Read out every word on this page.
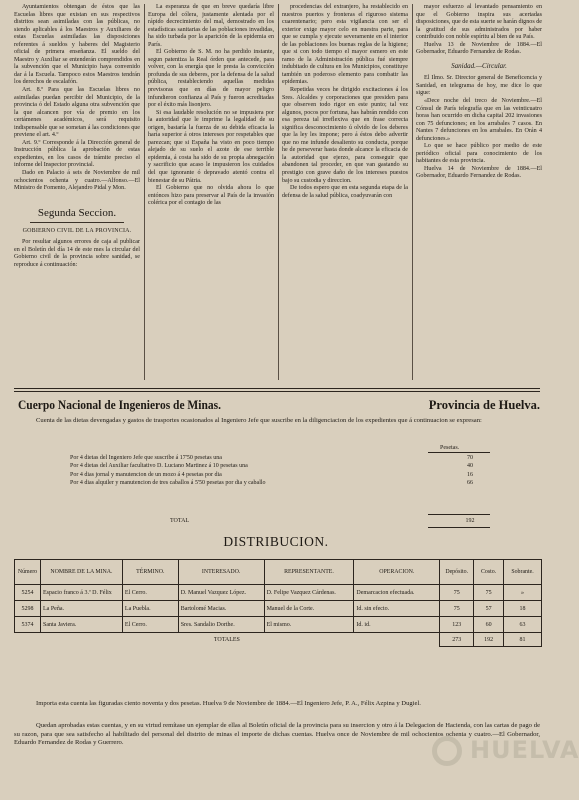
Ayuntamientos obtengan de éstos que las Escuelas libres que existan en sus respectivos distritos sean asimiladas con las públicas, no siendo aplicables á los Maestros y Auxiliares de estas Escuelas asimiladas las disposiciones referentes á sueldos y haberes del Magisterio oficial de primera enseñanza. El sueldo del Maestro y Auxiliar se entenderán comprendidos en la subvención que el Municipio haya convenido dar á la Escuela. Tampoco estos Maestros tendrán los derechos de escalafón.

Art. 8.º Para que las Escuelas libres no asimiladas puedan percibir del Municipio, de la provincia ó del Estado alguna otra subvención que la que alcancen por vía de premio en los certámenes académicos, será requisito indispensable que se sometan á las condiciones que previene el art. 4.º

Art. 9.º Corresponde á la Dirección general de Instrucción pública la aprobación de estas expedientes, en los casos de trámite preciso el informe del Inspector provincial.

Dado en Palacio á seis de Noviembre de mil ochocientos ochenta y cuatro.—Alfonso.—El Ministro de Fomento, Alejandro Pidal y Mon.

Segunda Seccion.
GOBIERNO CIVIL DE LA PROVINCIA.

Por resultar algunos errores de caja al publicar en el Boletín del día 14 de este mes la circular del Gobierno civil de la provincia sobre sanidad, se reproduce á continuación:

La esperanza de que en breve quedaría libre Europa del cólera, justamente alentada por el rápido decrecimiento del mal, demostrado en los estadísticas sanitarias de las poblaciones invadidas, ha sido turbada por la aparición de la epidemia en París.

El Gobierno de S. M. no ha perdido instante, segun patentiza la Real órden que antecede, para volver, con la energía que le presta la convicción profunda de sus deberes, por la defensa de la salud pública, restableciendo aquellas medidas previsoras que en días de mayor peligro infundieron confianza al País y fueron acreditadas por el éxito más lisonjero.

Si esa laudable resolución no se impusiera por la autoridad que le imprime la legalidad de su origen, bastaría la fuerza de su debida eficacia la haría superior á otros intereses por respetables que parezcan; que si España ha visto en poco tiempo alejado de su suelo el azote de ese terrible epidemia, á costa ha sido de su propia abnegación y sacrificio que acaso le impusieron los cuidados del que ignorante ó depravado atentó contra el bienestar de su Pátria.

El Gobierno que no olvida ahora lo que entónces hizo para preservar al País de la invasión colérica por el contagio de las

procedencias del extranjero, ha restablecido en nuestros puertos y fronteras el riguroso sistema cuarentenario; pero esta vigilancia con ser el exterior exige mayor celo en nuestra parte, para que se cumpla y ejecute severamente en el interior de las poblaciones los buenas reglas de la higiene; que si con todo tiempo el mayor esmero en este ramo de la Administración pública fué siempre indubitado de cultura en los Municipios, constituye también un poderoso elemento para combatir las epidemias.

Repetidas veces he dirigido excitaciones á los Sres. Alcaldes y corporaciones que presiden para que observen todo rigor en este punto; tal vez algunos, pocos por fortuna, has habrán rendido con esa pereza tal irreflexiva que en frase correcta significa desconocimiento ú olvido de los deberes que la ley les impone; pero á éstos debo advertir que no me infunde desaliento su conducta, porque he de perseverar hasta donde alcance la eficacia de la autoridad que ejerzo, para conseguir que abandonen tal proceder, en que van gastando su prestigio con grave daño de los intereses puestos bajo su custodia y direccion.

De todos espero que en esta segunda etapa de la defensa de la salud pública, coadyuvarán con

mayor esfuerzo al levantado pensamiento en que el Gobierno inspira sus acertadas disposiciones, que de esta suerte se harán dignos de la gratitud de sus administrados por haber contribuido con noble espíritu al bien de su País.

Huelva 13 de Noviembre de 1884.—El Gobernador, Eduardo Fernandez de Rodas.

Sanidad.—Circular.

El Ilmo. Sr. Director general de Beneficencia y Sanidad, en telegrama de hoy, me dice lo que sigue:

«Dece noche del treco de Noviembre.—El Cónsul de París telegrafía que en las veinticuatro horas han ocurrido en dicha capital 202 invasiones con 75 defunciones; en los arrabales 7 casos. En Nantes 7 defunciones en los arrabales. En Orán 4 defunciones.»

Lo que se hace público por medio de este periódico oficial para conocimiento de los habitantes de esta provincia.

Huelva 14 de Noviembre de 1884.—El Gobernador, Eduardo Fernandez de Rodas.

Cuerpo Nacional de Ingenieros de Minas.	Provincia de Huelva.
Cuenta de las dietas devengadas y gastos de trasportes ocasionados al Ingeniero Jefe que suscribe en la diligenciacion de los expedientes que á continuacion se expresan:
Pesetas.
Por 4 dietas del Ingeniero Jefe que suscribe á 17'50 pesetas una	70
Por 4 dietas del Auxiliar facultativo D. Luciano Martinez á 10 pesetas una	40
Por 4 dias jornal y manutencion de un mozo á 4 pesetas por dia	16
Por 4 dias alquiler y manutencion de tres caballos á 5'50 pesetas por dia y caballo	66
TOTAL	192
DISTRIBUCION.
Número	NOMBRE DE LA MINA.	TÉRMINO.	INTERESADO.	REPRESENTANTE.	OPERACION.	Depósito.	Costo.	Sobrante.
5254	Espacio franco á 3.ª D. Félix	El Cerro.	D. Manuel Vazquez López.	D. Felipe Vazquez Cárdenas.	Demarcacion efectuada.	75	75	»
5298	La Peña.	La Puebla.	Bartolomé Macias.	Manuel de la Corte.	Id. sin efecto.	75	57	18
5374	Santa Javiera.	El Cerro.	Sres. Sandalio Dorthe.	El mismo.	Id. id.	123	60	63
TOTALES						273	192	81
Importa esta cuenta las figuradas ciento noventa y dos pesetas. Huelva 9 de Noviembre de 1884.—El Ingeniero Jefe, P. A., Félix Azpina y Dugiel.
Quedan aprobadas estas cuentas, y en su virtud remítase un ejemplar de ellas al Boletín oficial de la provincia para su insercion y otro á la Delegacion de Hacienda, con las cartas de pago de su razon, para que sea satisfecho al habilitado del personal del distrito de minas el importe de dichas cuentas. Huelva once de Noviembre de mil ochocientos ochenta y cuatro.—El Gobernador, Eduardo Fernandez de Rodas y Guerrero.	HUELVA
